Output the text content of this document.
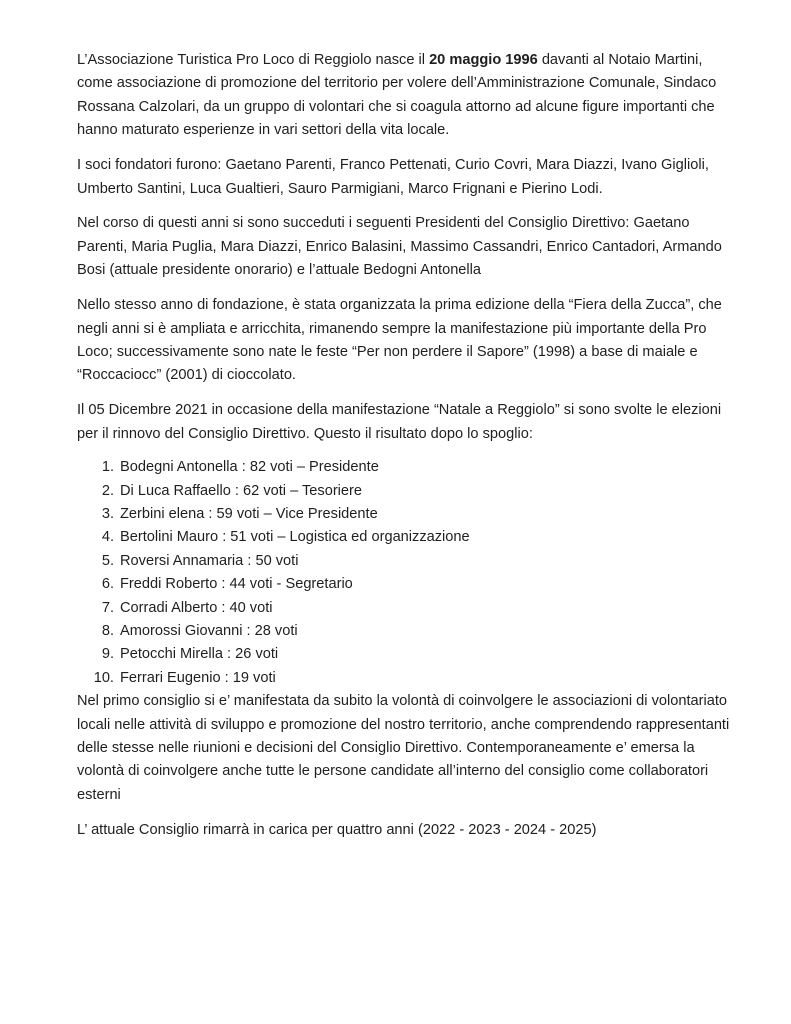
L’Associazione Turistica Pro Loco di Reggiolo nasce il 20 maggio 1996 davanti al Notaio Martini, come associazione di promozione del territorio per volere dell’Amministrazione Comunale, Sindaco Rossana Calzolari, da un gruppo di volontari che si coagula attorno ad alcune figure importanti che hanno maturato esperienze in vari settori della vita locale.

I soci fondatori furono: Gaetano Parenti, Franco Pettenati, Curio Covri, Mara Diazzi, Ivano Giglioli, Umberto Santini, Luca Gualtieri, Sauro Parmigiani, Marco Frignani e Pierino Lodi.

Nel corso di questi anni si sono succeduti i seguenti Presidenti del Consiglio Direttivo: Gaetano Parenti, Maria Puglia, Mara Diazzi, Enrico Balasini, Massimo Cassandri, Enrico Cantadori, Armando Bosi (attuale presidente onorario) e l’attuale Bedogni Antonella

Nello stesso anno di fondazione, è stata organizzata la prima edizione della “Fiera della Zucca”, che negli anni si è ampliata e arricchita, rimanendo sempre la manifestazione più importante della Pro Loco; successivamente sono nate le feste “Per non perdere il Sapore” (1998) a base di maiale e “Roccaciocc” (2001) di cioccolato.

Il 05 Dicembre 2021 in occasione della manifestazione “Natale a Reggiolo” si sono svolte le elezioni per il rinnovo del Consiglio Direttivo. Questo il risultato dopo lo spoglio:

1. Bodegni Antonella : 82 voti – Presidente
2. Di Luca Raffaello : 62 voti – Tesoriere
3. Zerbini elena : 59 voti – Vice Presidente
4. Bertolini Mauro : 51 voti – Logistica ed organizzazione
5. Roversi Annamaria : 50 voti
6. Freddi Roberto : 44 voti - Segretario
7. Corradi Alberto : 40 voti
8. Amorossi Giovanni : 28 voti
9. Petocchi Mirella : 26 voti
10. Ferrari Eugenio : 19 voti

Nel primo consiglio si e’ manifestata da subito la volontà di coinvolgere le associazioni di volontariato locali nelle attività di sviluppo e promozione del nostro territorio, anche comprendendo rappresentanti delle stesse nelle riunioni e decisioni del Consiglio Direttivo. Contemporaneamente e’ emersa la volontà di coinvolgere anche tutte le persone candidate all’interno del consiglio come collaboratori esterni

L’ attuale Consiglio rimarrà in carica per quattro anni (2022 - 2023 - 2024 - 2025)
